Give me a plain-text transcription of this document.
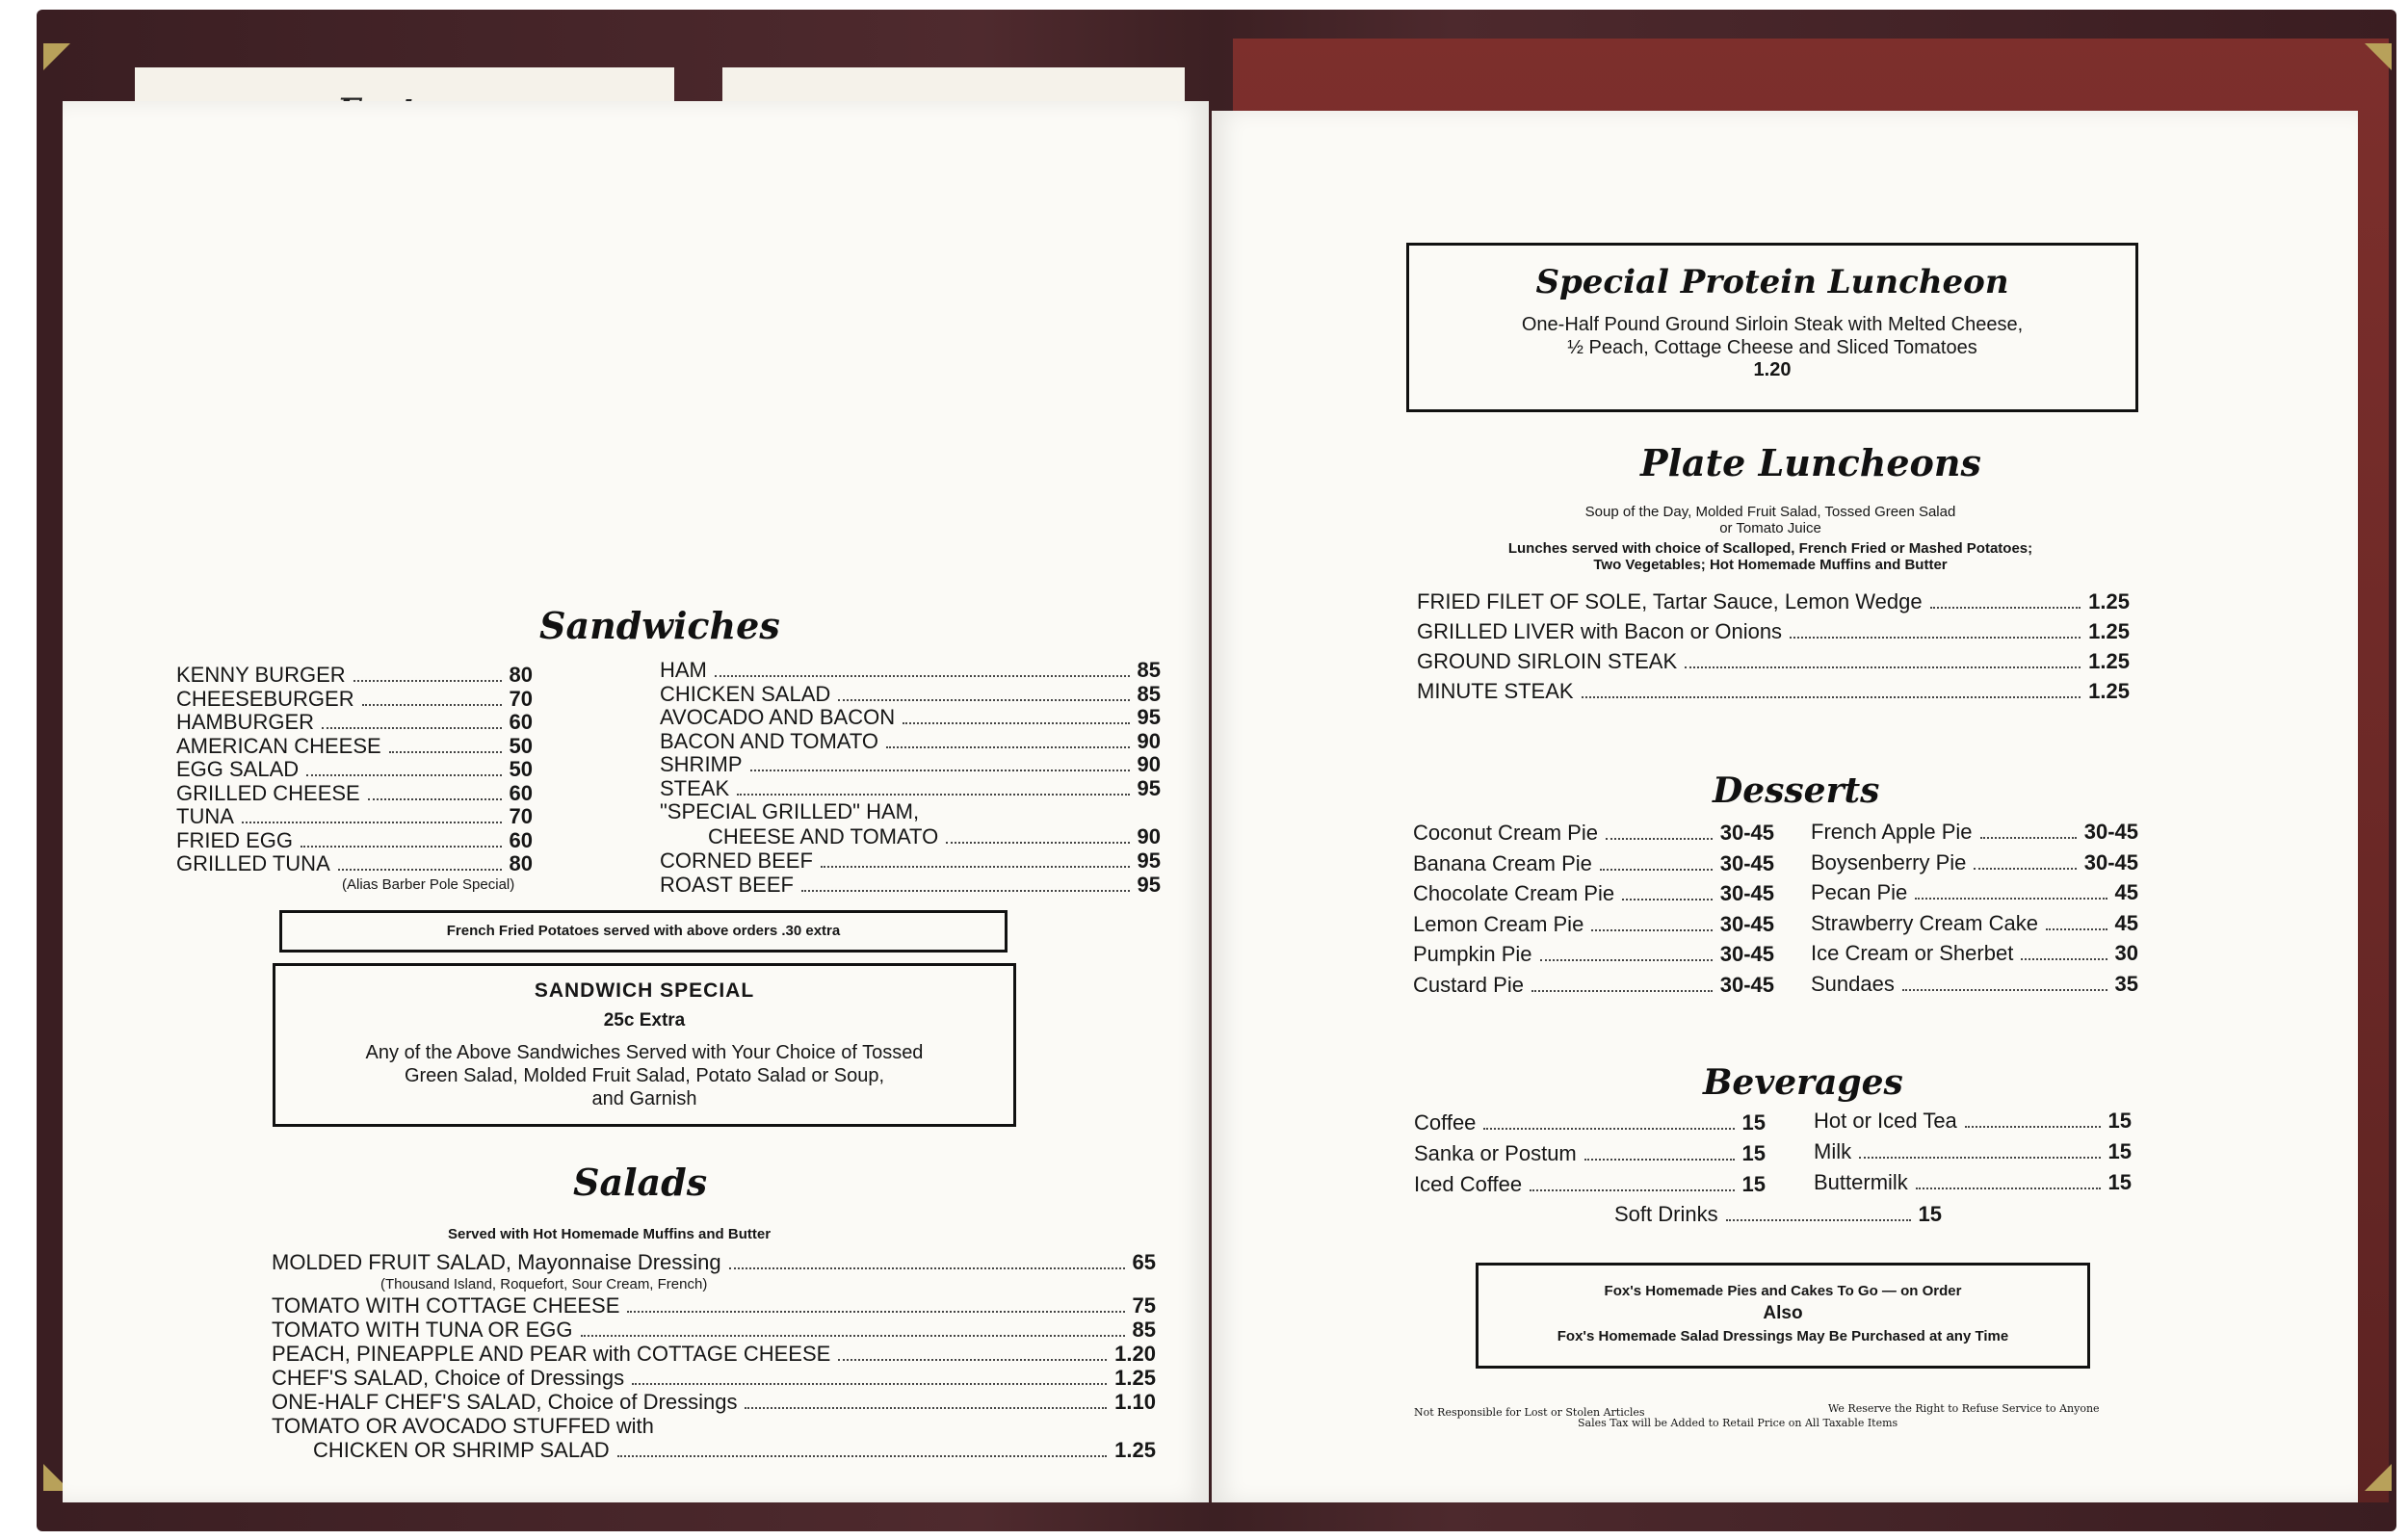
Sandwiches
(Alias Barber Pole Special)
"SPECIAL GRILLED" HAM,
CHEESE AND TOMATO	90
French Fried Potatoes served with above orders .30 extra
SANDWICH SPECIAL
25c Extra
Any of the Above Sandwiches Served with Your Choice of Tossed
Green Salad, Molded Fruit Salad, Potato Salad or Soup,
and Garnish
Salads
Served with Hot Homemade Muffins and Butter
MOLDED FRUIT SALAD, Mayonnaise Dressing	65
(Thousand Island, Roquefort, Sour Cream, French)
TOMATO OR AVOCADO STUFFED with
CHICKEN OR SHRIMP SALAD	1.25
KENNY BURGER	80
CHEESEBURGER	70
HAMBURGER	60
AMERICAN CHEESE	50
EGG SALAD	50
GRILLED CHEESE	60
TUNA	70
FRIED EGG	60
GRILLED TUNA	80
HAM	85
CHICKEN SALAD	85
AVOCADO AND BACON	95
BACON AND TOMATO	90
SHRIMP	90
STEAK	95
CORNED BEEF	95
ROAST BEEF	95
TOMATO WITH COTTAGE CHEESE	75
TOMATO WITH TUNA OR EGG	85
PEACH, PINEAPPLE AND PEAR with COTTAGE CHEESE	1.20
CHEF'S SALAD, Choice of Dressings	1.25
ONE-HALF CHEF'S SALAD, Choice of Dressings	1.10
Special Protein Luncheon
One-Half Pound Ground Sirloin Steak with Melted Cheese,
½ Peach, Cottage Cheese and Sliced Tomatoes
1.20
Plate Luncheons
Soup of the Day, Molded Fruit Salad, Tossed Green Salad
or Tomato Juice
Lunches served with choice of Scalloped, French Fried or Mashed Potatoes;
Two Vegetables; Hot Homemade Muffins and Butter
Desserts
Beverages
Soft Drinks	15
Fox's Homemade Pies and Cakes To Go — on Order
Also
Fox's Homemade Salad Dressings May Be Purchased at any Time
Not Responsible for Lost or Stolen Articles	We Reserve the Right to Refuse Service to Anyone
Sales Tax will be Added to Retail Price on All Taxable Items
FRIED FILET OF SOLE, Tartar Sauce, Lemon Wedge	1.25
GRILLED LIVER with Bacon or Onions	1.25
GROUND SIRLOIN STEAK	1.25
MINUTE STEAK	1.25
Coconut Cream Pie	30-45
Banana Cream Pie	30-45
Chocolate Cream Pie	30-45
Lemon Cream Pie	30-45
Pumpkin Pie	30-45
Custard Pie	30-45
French Apple Pie	30-45
Boysenberry Pie	30-45
Pecan Pie	45
Strawberry Cream Cake	45
Ice Cream or Sherbet	30
Sundaes	35
Coffee	15
Sanka or Postum	15
Iced Coffee	15
Hot or Iced Tea	15
Milk	15
Buttermilk	15
